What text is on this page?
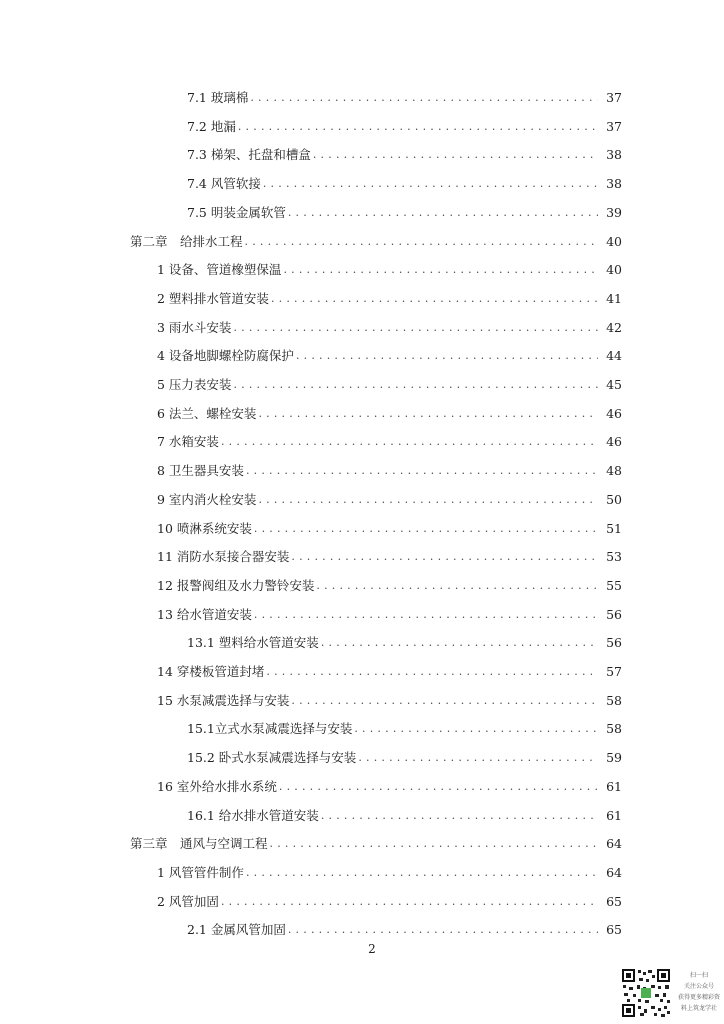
7.1 玻璃棉 .....	37
7.2 地漏 .....	37
7.3 梯架、托盘和槽盒 .....	38
7.4 风管软接 .....	38
7.5 明装金属软管 .....	39
第二章　给排水工程 .....	40
1 设备、管道橡塑保温 .....	40
2 塑料排水管道安装 .....	41
3 雨水斗安装 .....	42
4 设备地脚螺栓防腐保护 .....	44
5 压力表安装 .....	45
6 法兰、螺栓安装 .....	46
7 水箱安装 .....	46
8 卫生器具安装 .....	48
9 室内消火栓安装 .....	50
10 喷淋系统安装 .....	51
11 消防水泵接合器安装 .....	53
12 报警阀组及水力警铃安装 .....	55
13 给水管道安装 .....	56
13.1 塑料给水管道安装 .....	56
14 穿楼板管道封堵 .....	57
15 水泵减震选择与安装 .....	58
15.1立式水泵减震选择与安装 .....	58
15.2 卧式水泵减震选择与安装 .....	59
16 室外给水排水系统 .....	61
16.1 给水排水管道安装 .....	61
第三章　通风与空调工程 .....	64
1 风管管件制作 .....	64
2 风管加固 .....	65
2.1 金属风管加固 .....	65
2
扫一扫
关注公众号
获得更多精彩资
料上筑龙学社
